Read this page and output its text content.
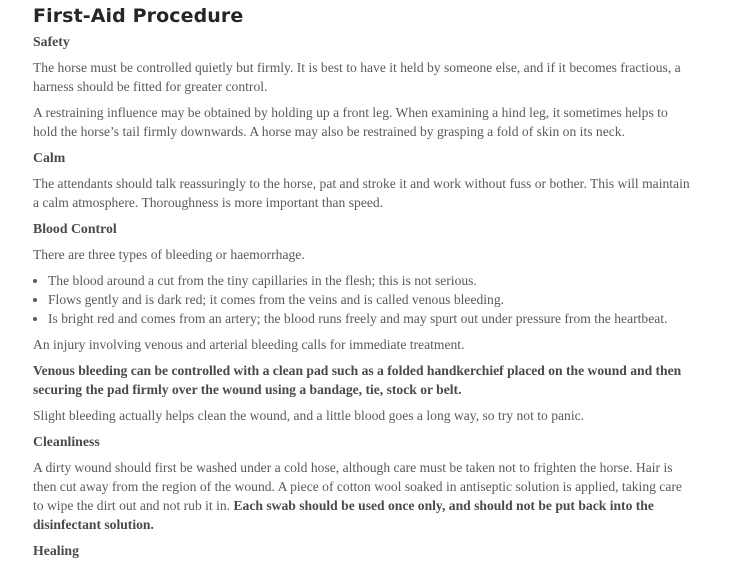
First-Aid Procedure
Safety

The horse must be controlled quietly but firmly. It is best to have it held by someone else, and if it becomes fractious, a harness should be fitted for greater control.

A restraining influence may be obtained by holding up a front leg. When examining a hind leg, it sometimes helps to hold the horse’s tail firmly downwards. A horse may also be restrained by grasping a fold of skin on its neck.

Calm

The attendants should talk reassuringly to the horse, pat and stroke it and work without fuss or bother. This will maintain a calm atmosphere. Thoroughness is more important than speed.

Blood Control

There are three types of bleeding or haemorrhage.

• The blood around a cut from the tiny capillaries in the flesh; this is not serious.
• Flows gently and is dark red; it comes from the veins and is called venous bleeding.
• Is bright red and comes from an artery; the blood runs freely and may spurt out under pressure from the heartbeat.

An injury involving venous and arterial bleeding calls for immediate treatment.

Venous bleeding can be controlled with a clean pad such as a folded handkerchief placed on the wound and then securing the pad firmly over the wound using a bandage, tie, stock or belt.

Slight bleeding actually helps clean the wound, and a little blood goes a long way, so try not to panic.

Cleanliness

A dirty wound should first be washed under a cold hose, although care must be taken not to frighten the horse. Hair is then cut away from the region of the wound. A piece of cotton wool soaked in antiseptic solution is applied, taking care to wipe the dirt out and not rub it in. Each swab should be used once only, and should not be put back into the disinfectant solution.

Healing
